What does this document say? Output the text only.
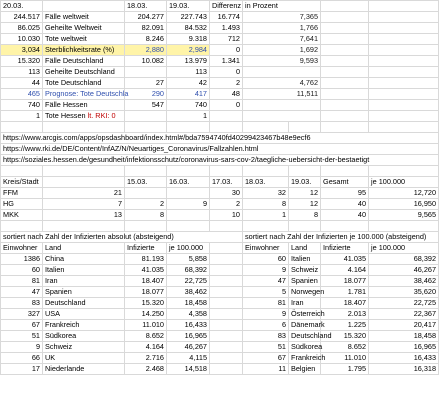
20.03.		18.03.	19.03.	Differenz	in Prozent			
244.517	Fälle weltweit	204.277	227.743	16.774	7,365			
86.025	Geheilte Weltweit	82.091	84.532	1.493	1,766			
10.030	Tote weltweit	8.246	9.318	712	7,641			
3,034	Sterblichkeitsrate (%)	2,880	2,984	0	1,692			
15.320	Fälle Deutschland	10.082	13.979	1.341	9,593			
113	Geheilte Deutschland		113	0				
44	Tote Deutschland	27	42	2	4,762			
465	Prognose: Tote Deutschla	290	417	48	11,511			
740	Fälle Hessen	547	740	0				
1	Tote Hessen lt. RKI: 0		1					

https://www.arcgis.com/apps/opsdashboard/index.html#/bda7594740fd40299423467b48e9ecf6								
https://www.rki.de/DE/Content/InfAZ/N/Neuartiges_Coronavirus/Fallzahlen.html								
https://soziales.hessen.de/gesundheit/infektionsschutz/coronavirus-sars-cov-2/taegliche-uebersicht-der-bestaetigt								

Kreis/Stadt		15.03.	16.03.	17.03.	18.03.	19.03.	Gesamt	je 100.000
FFM	21			30	32	12	95	12,720
HG	7	2	9	2	8	12	40	16,950
MKK	13	8		10	1	8	40	9,565

sortiert nach Zahl der Infizierten absolut (absteigend)					sortiert nach Zahl der Infizierten je 100.000 (absteigend)			
Einwohner	Land	Infizierte	je 100.000		Einwohner	Land	Infizierte	je 100.000
1386	China	81.193	5,858		60	Italien	41.035	68,392
60	Italien	41.035	68,392		9	Schweiz	4.164	46,267
81	Iran	18.407	22,725		47	Spanien	18.077	38,462
47	Spanien	18.077	38,462		5	Norwegen	1.781	35,620
83	Deutschland	15.320	18,458		81	Iran	18.407	22,725
327	USA	14.250	4,358		9	Österreich	2.013	22,367
67	Frankreich	11.010	16,433		6	Dänemark	1.225	20,417
51	Südkorea	8.652	16,965		83	Deutschland	15.320	18,458
9	Schweiz	4.164	46,267		51	Südkorea	8.652	16,965
66	UK	2.716	4,115		67	Frankreich	11.010	16,433
17	Niederlande	2.468	14,518		11	Belgien	1.795	16,318
